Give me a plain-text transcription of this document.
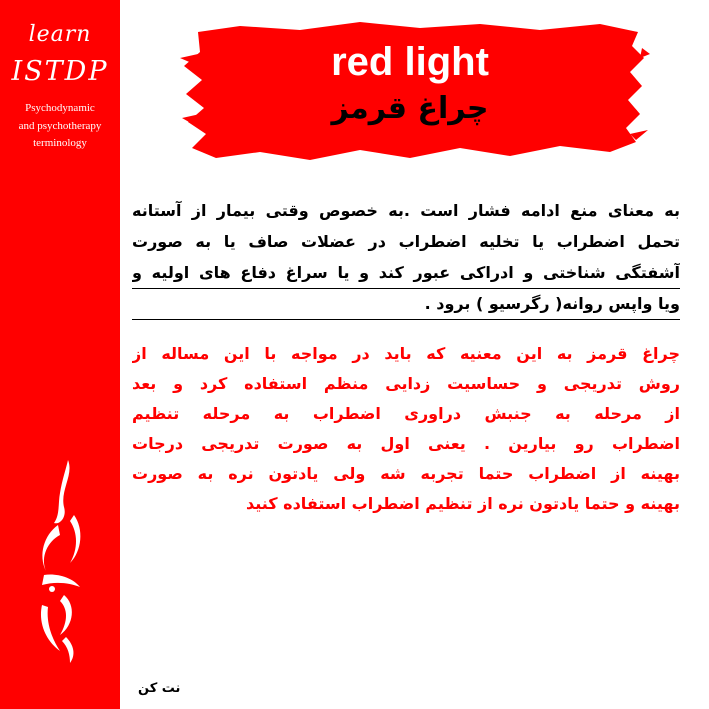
learn
ISTDP
Psychodynamic
and psychotherapy
terminology
red light
چراغ قرمز
به معنای منع ادامه فشار است .به خصوص وقتی بیمار از آستانه
تحمل اضطراب یا تخلیه اضطراب در عضلات صاف یا به صورت
آشفتگی شناختی و ادراکی عبور کند و یا سراغ دفاع های اولیه و
ویا واپس روانه( رگرسیو ) برود .
چراغ قرمز به این معنیه که باید در مواجه با این مساله از
روش تدریجی و حساسیت زدایی منظم استفاده کرد و بعد
از مرحله به جنبش دراوری اضطراب به مرحله تنظیم
اضطراب رو بیارین . یعنی اول به صورت تدریجی درجات
بهینه از اضطراب حتما تجربه شه ولی یادتون نره به صورت
بهینه و حتما یادتون نره از تنظیم اضطراب استفاده کنید
نت کن
